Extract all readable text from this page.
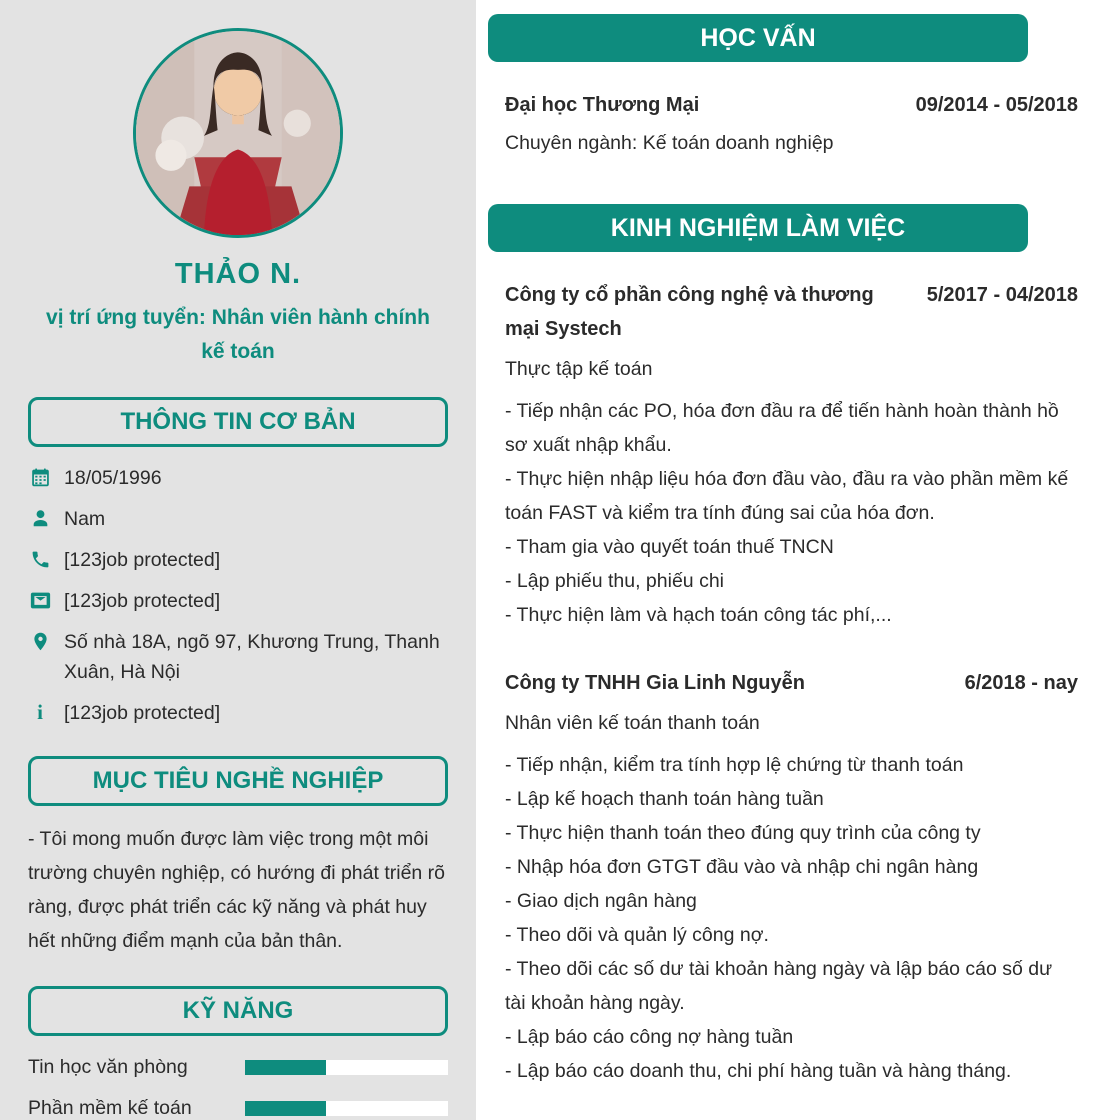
THẢO N.
vị trí ứng tuyển: Nhân viên hành chính kế toán
THÔNG TIN CƠ BẢN
18/05/1996
Nam
[123job protected]
[123job protected]
Số nhà 18A, ngõ 97, Khương Trung, Thanh Xuân, Hà Nội
i [123job protected]
MỤC TIÊU NGHỀ NGHIỆP
- Tôi mong muốn được làm việc trong một môi trường chuyên nghiệp, có hướng đi phát triển rõ ràng, được phát triển các kỹ năng và phát huy hết những điểm mạnh của bản thân.
KỸ NĂNG
Tin học văn phòng
Phần mềm kế toán
HỌC VẤN
Đại học Thương Mại	09/2014 - 05/2018
Chuyên ngành: Kế toán doanh nghiệp
KINH NGHIỆM LÀM VIỆC
Công ty cổ phần công nghệ và thương mại Systech
5/2017 - 04/2018
Thực tập kế toán
- Tiếp nhận các PO, hóa đơn đầu ra để tiến hành hoàn thành hồ sơ xuất nhập khẩu.
- Thực hiện nhập liệu hóa đơn đầu vào, đầu ra vào phần mềm kế toán FAST và kiểm tra tính đúng sai của hóa đơn.
- Tham gia vào quyết toán thuế TNCN
- Lập phiếu thu, phiếu chi
- Thực hiện làm và hạch toán công tác phí,...
Công ty TNHH Gia Linh Nguyễn	6/2018 - nay
Nhân viên kế toán thanh toán
- Tiếp nhận, kiểm tra tính hợp lệ chứng từ thanh toán
- Lập kế hoạch thanh toán hàng tuần
- Thực hiện thanh toán theo đúng quy trình của công ty
- Nhập hóa đơn GTGT đầu vào và nhập chi ngân hàng
- Giao dịch ngân hàng
- Theo dõi và quản lý công nợ.
- Theo dõi các số dư tài khoản hàng ngày và lập báo cáo số dư tài khoản hàng ngày.
- Lập báo cáo công nợ hàng tuần
- Lập báo cáo doanh thu, chi phí hàng tuần và hàng tháng.
